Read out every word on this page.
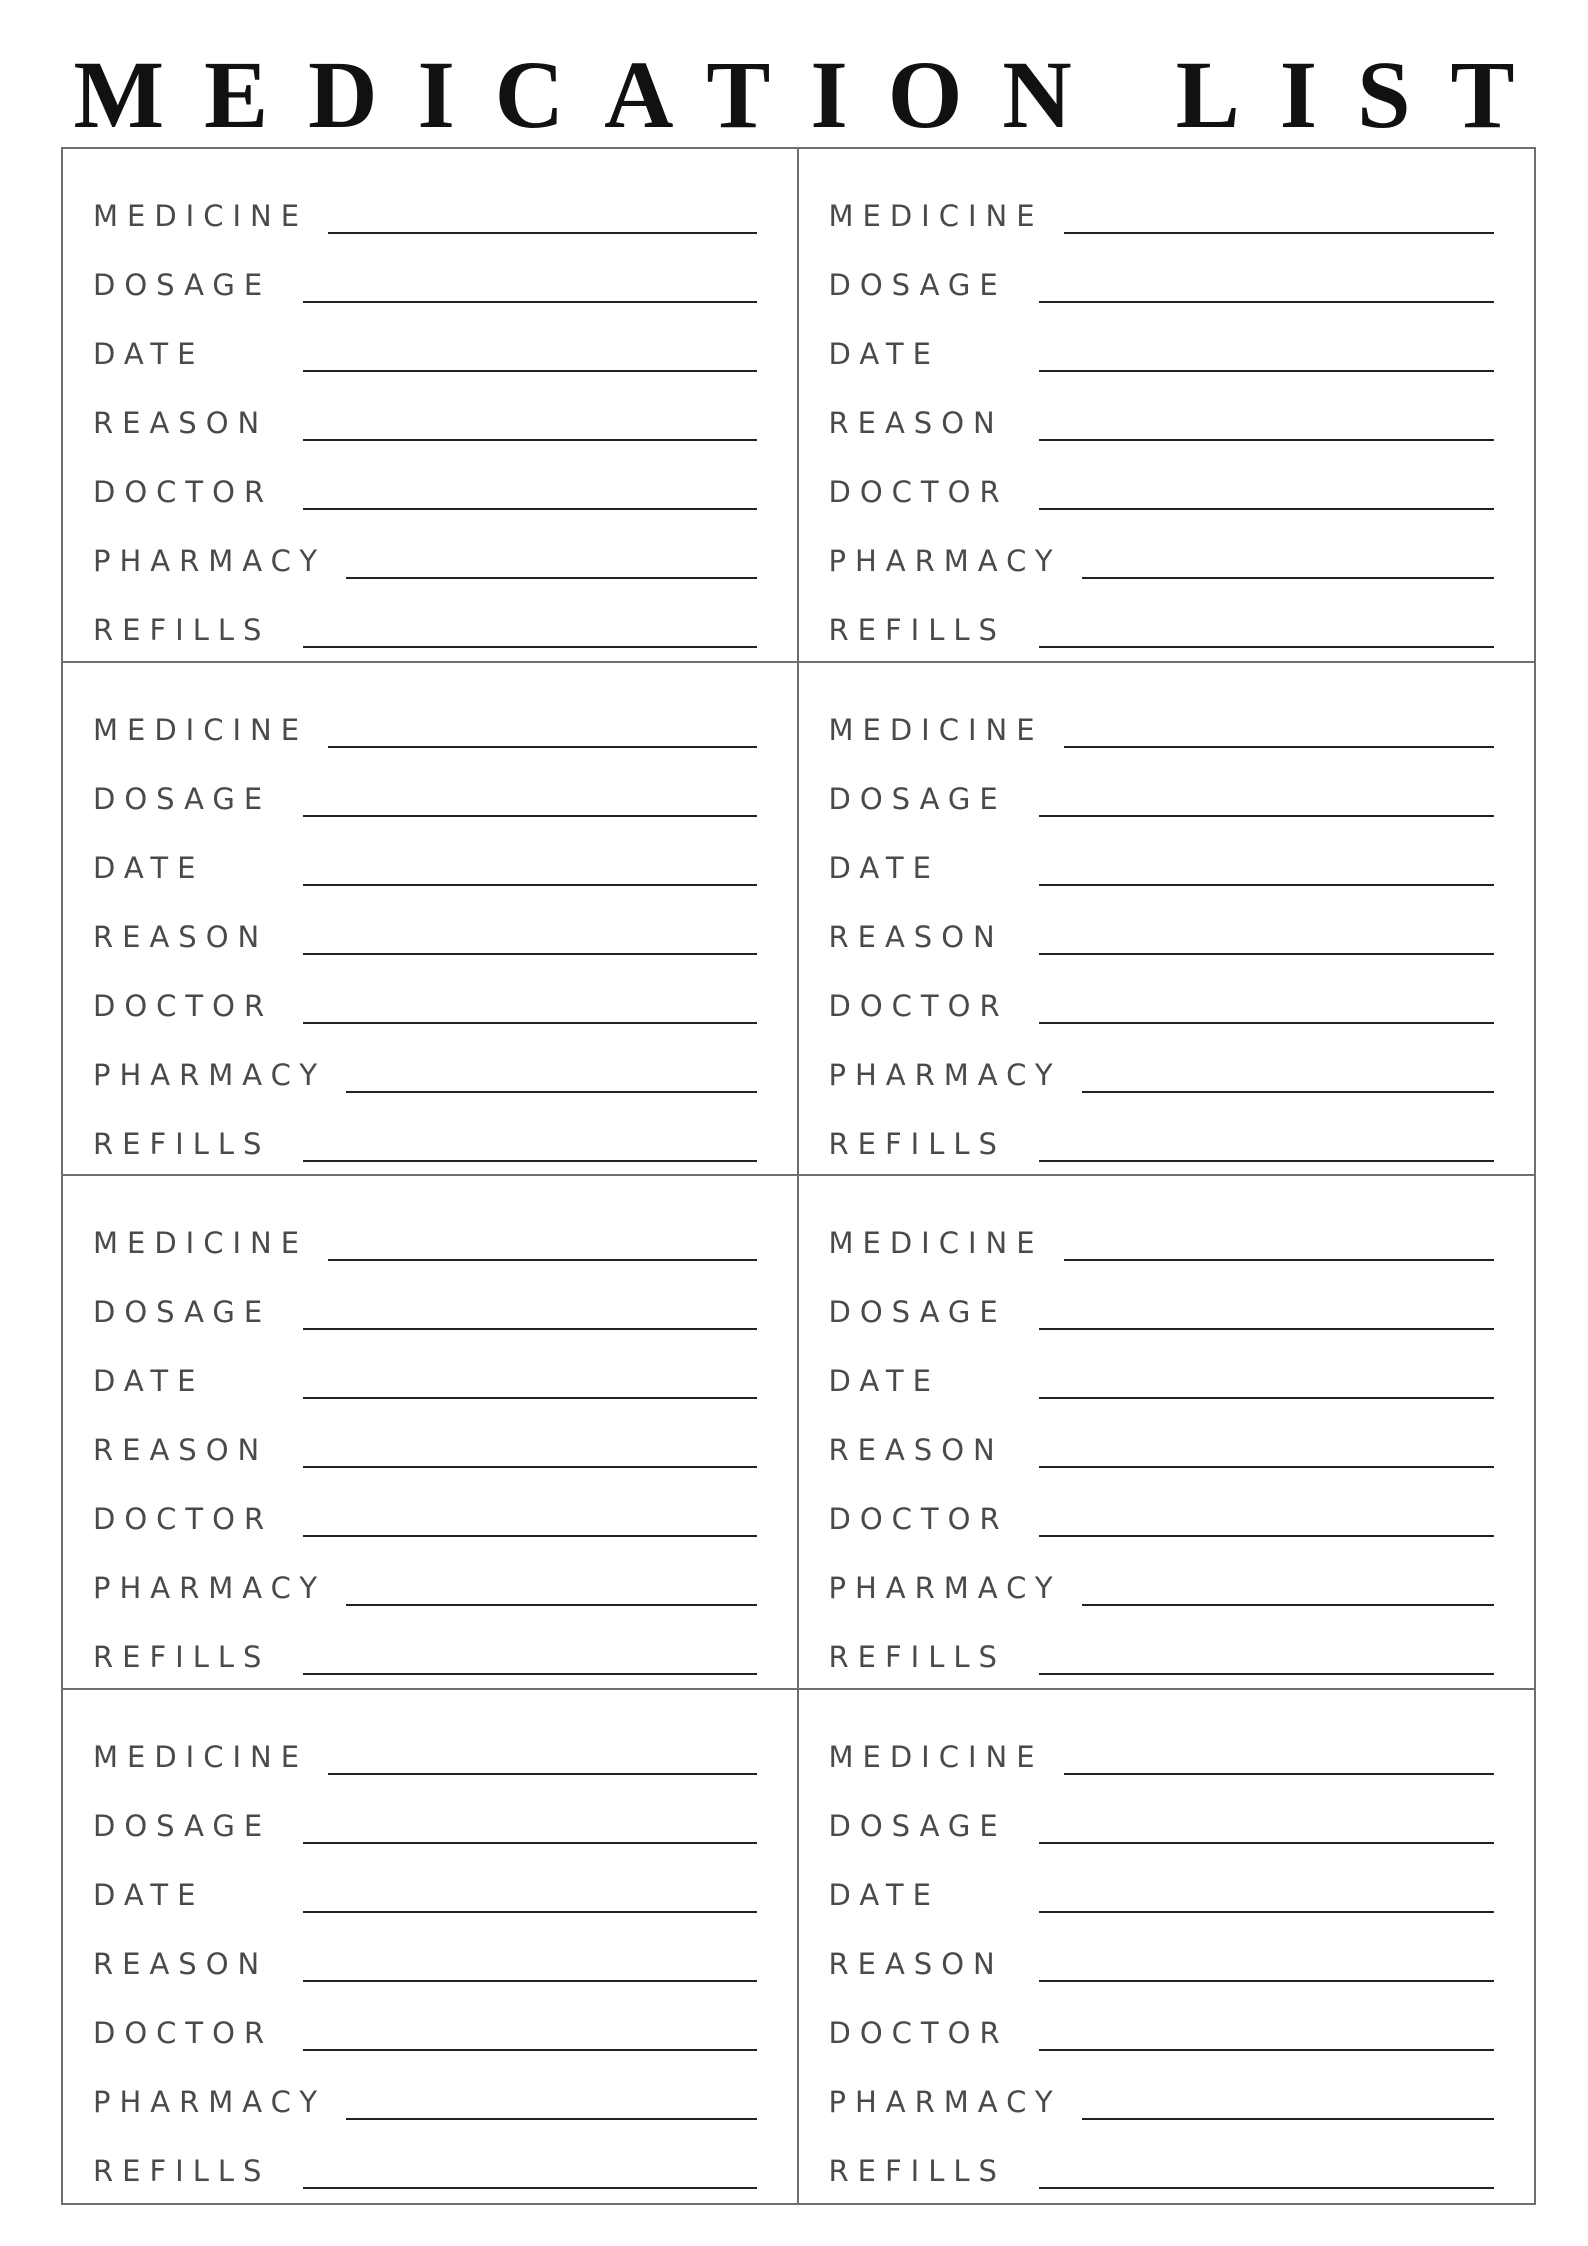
MEDICATION LIST
MEDICINE
DOSAGE
DATE
REASON
DOCTOR
PHARMACY
REFILLS
MEDICINE
DOSAGE
DATE
REASON
DOCTOR
PHARMACY
REFILLS
MEDICINE
DOSAGE
DATE
REASON
DOCTOR
PHARMACY
REFILLS
MEDICINE
DOSAGE
DATE
REASON
DOCTOR
PHARMACY
REFILLS
MEDICINE
DOSAGE
DATE
REASON
DOCTOR
PHARMACY
REFILLS
MEDICINE
DOSAGE
DATE
REASON
DOCTOR
PHARMACY
REFILLS
MEDICINE
DOSAGE
DATE
REASON
DOCTOR
PHARMACY
REFILLS
MEDICINE
DOSAGE
DATE
REASON
DOCTOR
PHARMACY
REFILLS
